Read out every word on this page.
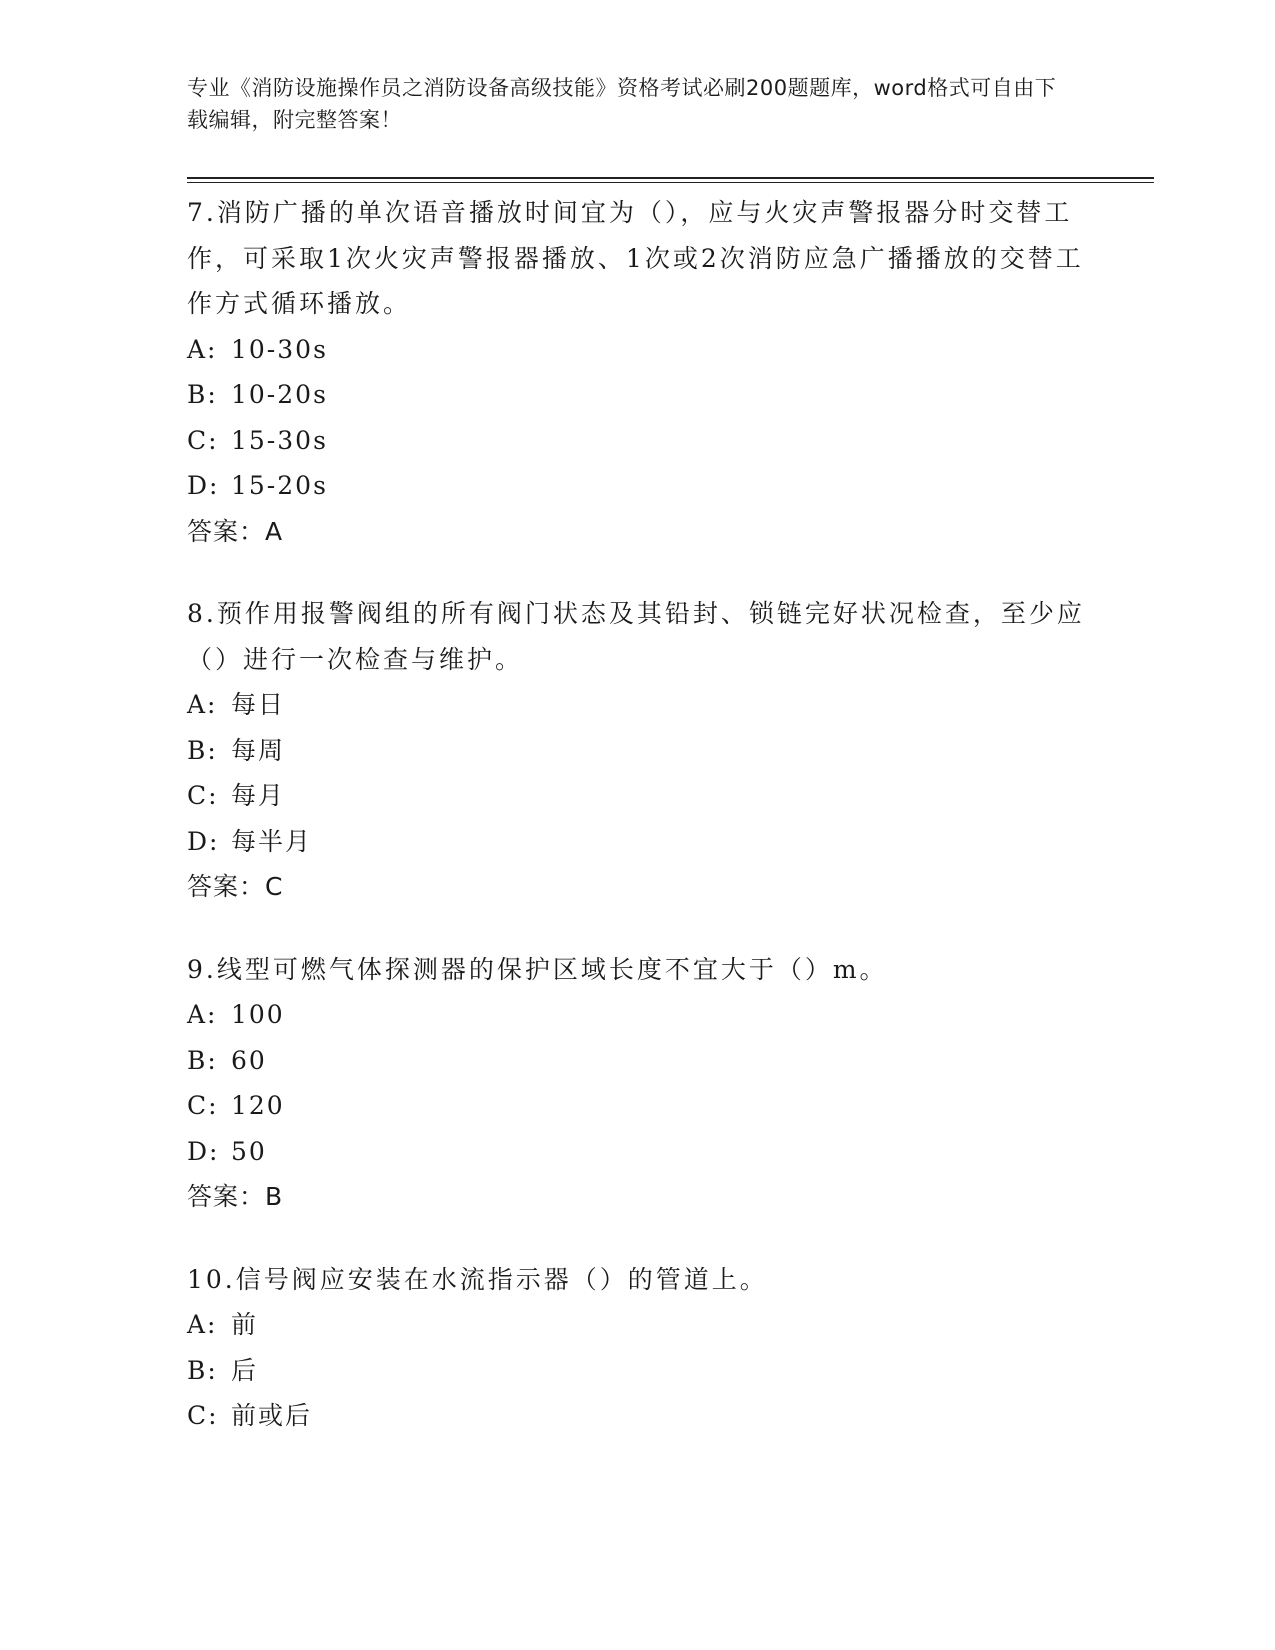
专业《消防设施操作员之消防设备高级技能》资格考试必刷200题题库，word格式可自由下载编辑，附完整答案！
7.消防广播的单次语音播放时间宜为（），应与火灾声警报器分时交替工作，可采取1次火灾声警报器播放、1次或2次消防应急广播播放的交替工作方式循环播放。
A: 10-30s
B: 10-20s
C: 15-30s
D: 15-20s
答案：A
8.预作用报警阀组的所有阀门状态及其铅封、锁链完好状况检查，至少应（）进行一次检查与维护。
A: 每日
B: 每周
C: 每月
D: 每半月
答案：C
9.线型可燃气体探测器的保护区域长度不宜大于（）m。
A: 100
B: 60
C: 120
D: 50
答案：B
10.信号阀应安装在水流指示器（）的管道上。
A: 前
B: 后
C: 前或后
